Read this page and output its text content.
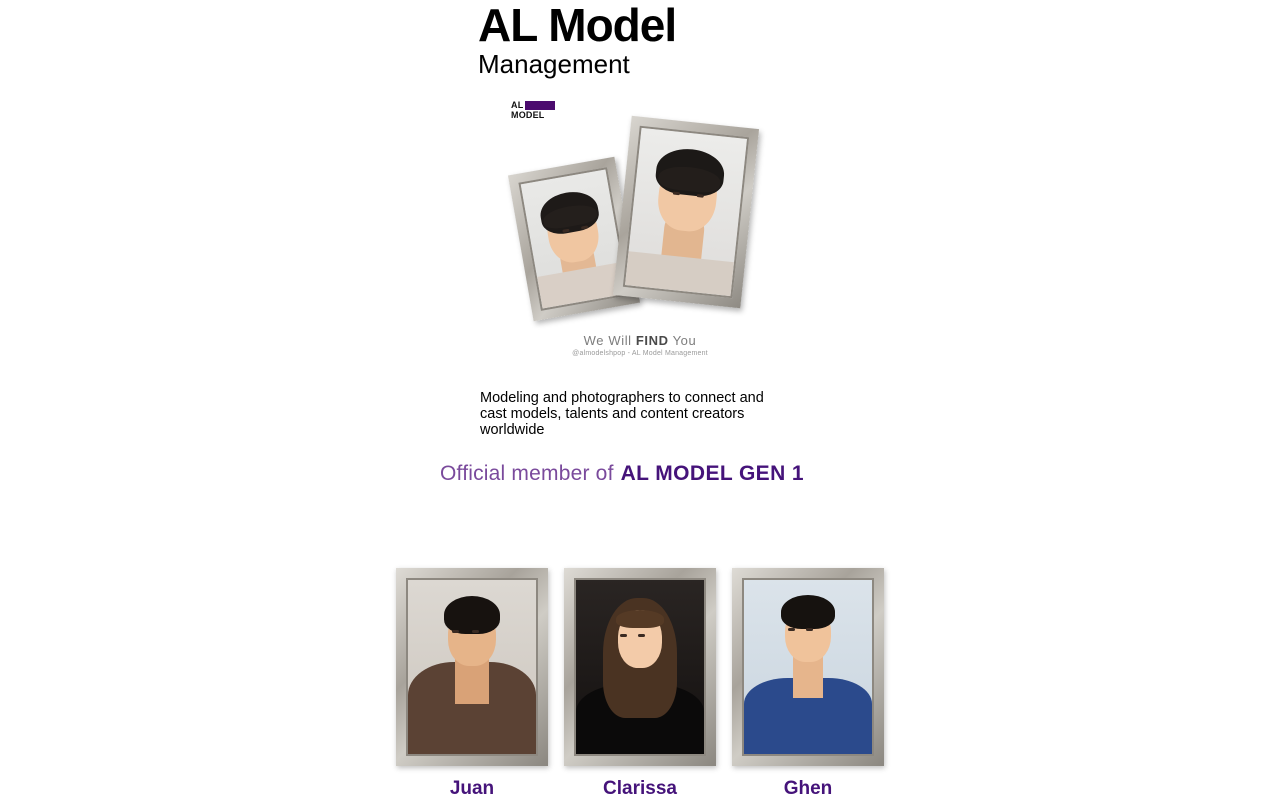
AL Model
Management
AL
MODEL
We Will FIND You
@almodelshpop - AL Model Management
Modeling and photographers to connect and cast models, talents and content creators worldwide
Official member of AL MODEL GEN 1
Juan	Clarissa	Ghen
